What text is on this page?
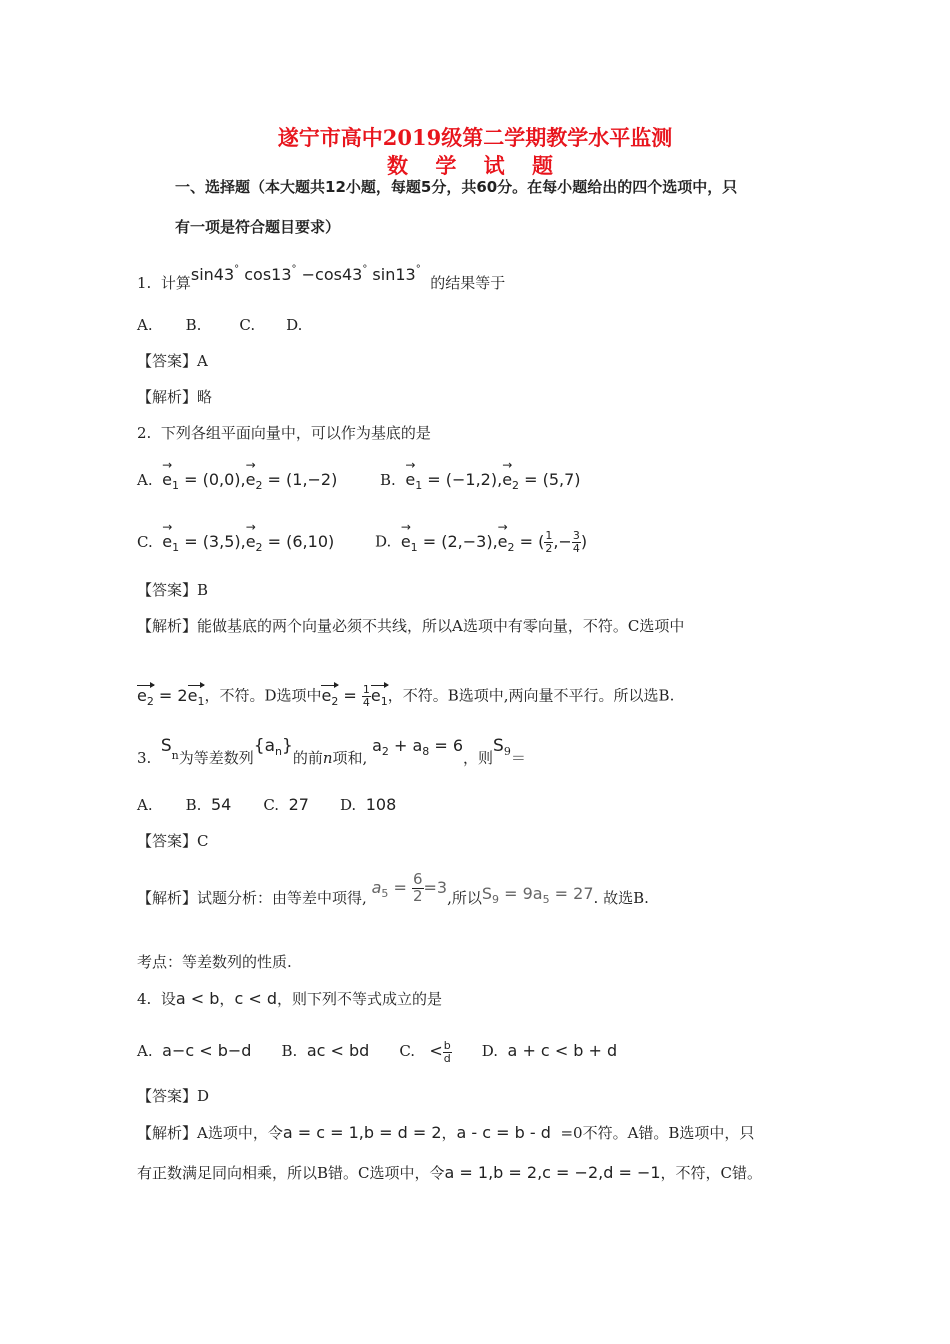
遂宁市高中2019级第二学期教学水平监测
数 学 试 题
一、选择题（本大题共12小题，每题5分，共60分。在每小题给出的四个选项中，只
有一项是符合题目要求）
1. 计算sin43° cos13° −cos43° sin13°  的结果等于
A. B.	C. D.
【答案】A
【解析】略
2. 下列各组平面向量中，可以作为基底的是
A. → $e_1 = (0,0),\to e_2 = (1,-2)$	B. → $e_1 = (-1,2),\to e_2 = (5,7)$
C. → $e_1 = (3,5),\to e_2 = (6,10)$	D. → $e_1 = (2,-3),\to e_2$ = ( $\frac{1}{2}$ ,− $\frac{3}{4}$ )
【答案】B
【解析】能做基底的两个向量必须不共线，所以A选项中有零向量，不符。C选项中
$e_2 = 2e_1$，不符。D选项中$e_2 = \frac{1}{4} e_1$，不符。B选项中,两向量不平行。所以选B.
3.  $S_n$为等差数列$\{a_n\}$的前n项和, $a_2 + a_8 = 6$，则$S_9=$
A. B. 54 C. 27 D. 108
【答案】C
【解析】试题分析：由等差中项得, $a_5 = \frac{6}{2} =3$,所以$S_9 = 9a_5 = 27$. 故选B.
考点：等差数列的性质.
4. 设a < b，c < d，则下列不等式成立的是
A. a−c < b−d B. ac < bd C. < $\frac{b}{d} D$. a + c < b + d
【答案】D
【解析】A选项中，令a = c = 1,b = d = 2，a - c = b - d =0不符。A错。B选项中，只
有正数满足同向相乘，所以B错。C选项中，令a = 1,b = 2,c = −2,d = −1，不符，C错。
